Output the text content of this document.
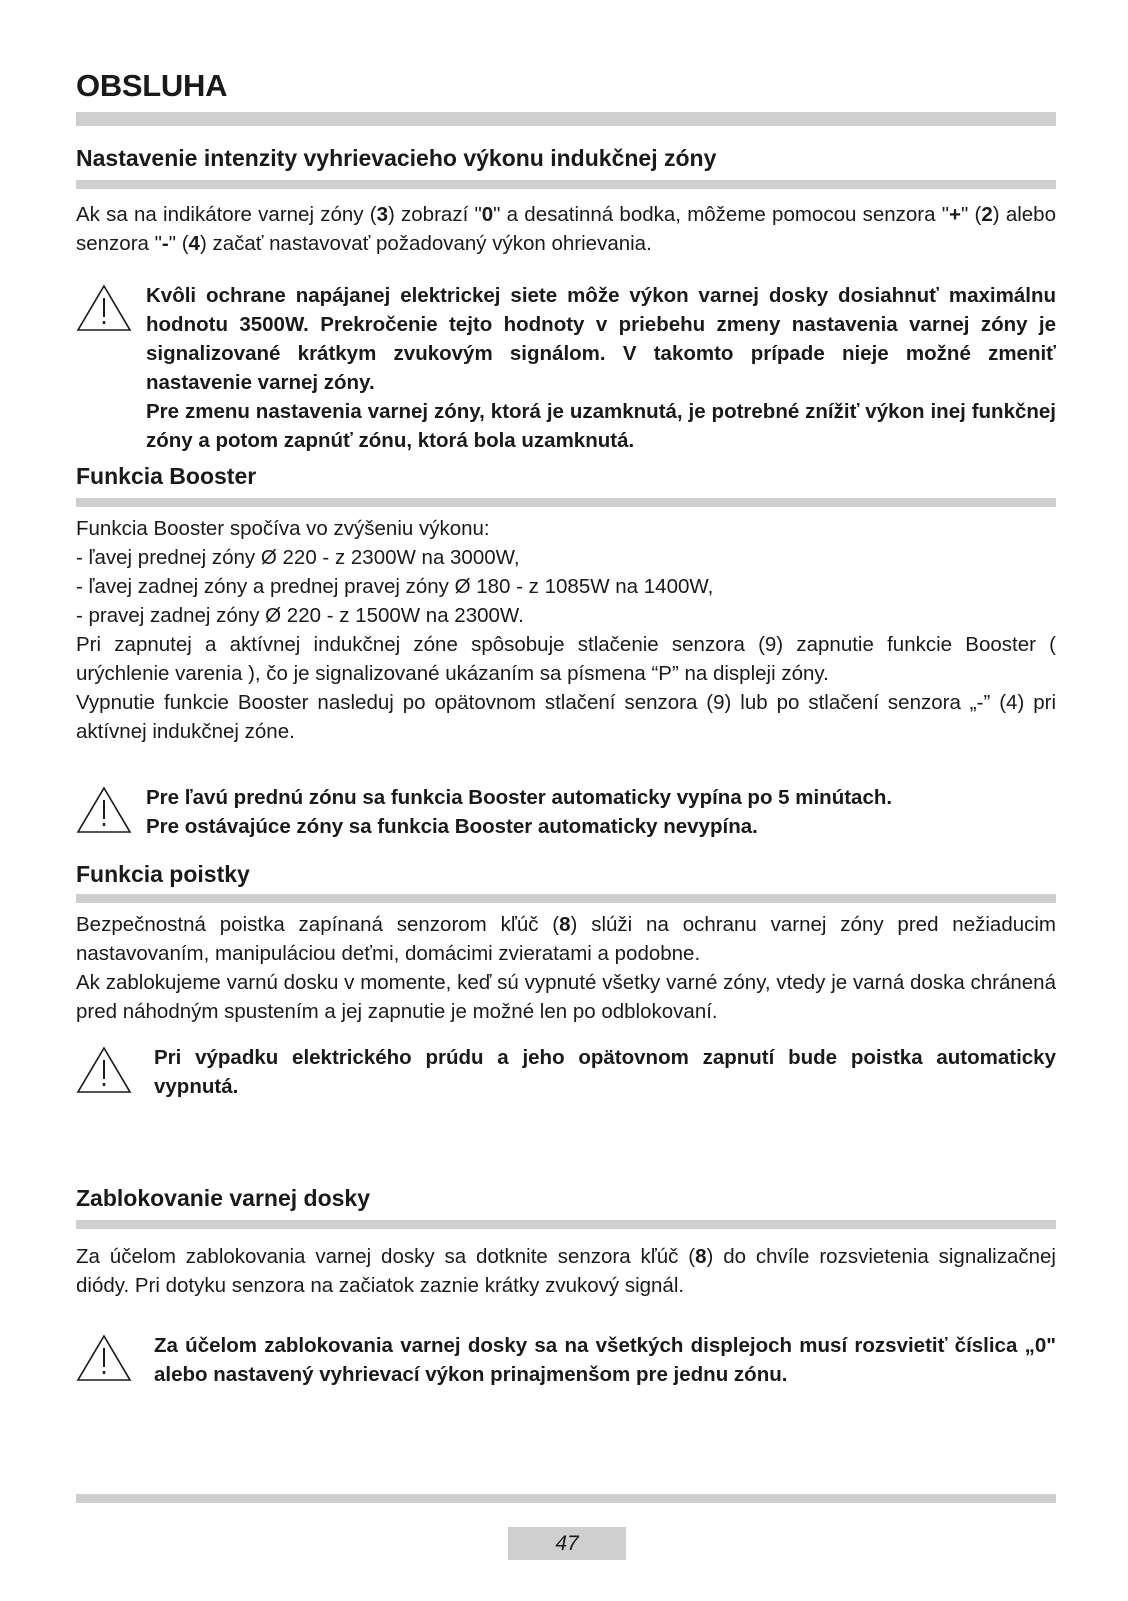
OBSLUHA
Nastavenie intenzity vyhrievacieho výkonu indukčnej zóny

Ak sa na indikátore varnej zóny (3) zobrazí "0" a desatinná bodka, môžeme pomocou senzora "+" (2) alebo senzora "-" (4) začať nastavovať požadovaný výkon ohrievania.

Kvôli ochrane napájanej elektrickej siete môže výkon varnej dosky dosiahnuť maximálnu hodnotu 3500W. Prekročenie tejto hodnoty v priebehu zmeny nastavenia varnej zóny je signalizované krátkym zvukovým signálom. V takomto prípade nieje možné zmeniť nastavenie varnej zóny.

Pre zmenu nastavenia varnej zóny, ktorá je uzamknutá, je potrebné znížiť výkon inej funkčnej zóny a potom zapnúť zónu, ktorá bola uzamknutá.

Funkcia Booster

Funkcia Booster spočíva vo zvýšeniu výkonu:

- ľavej prednej zóny Ø 220 - z 2300W na 3000W,

- ľavej zadnej zóny a prednej pravej zóny Ø 180 - z 1085W na 1400W,

- pravej zadnej zóny Ø 220 - z 1500W na 2300W.

Pri zapnutej a aktívnej indukčnej zóne spôsobuje stlačenie senzora (9) zapnutie funkcie Booster ( urýchlenie varenia ), čo je signalizované ukázaním sa písmena “P” na displeji zóny.

Vypnutie funkcie Booster nasleduj po opätovnom stlačení senzora (9) lub po stlačení senzora „-” (4) pri aktívnej indukčnej zóne.

Pre ľavú prednú zónu sa funkcia Booster automaticky vypína po 5 minútach.

Pre ostávajúce zóny sa funkcia Booster automaticky nevypína.

Funkcia poistky

Bezpečnostná poistka zapínaná senzorom kľúč (8) slúži na ochranu varnej zóny pred nežiaducim nastavovaním, manipuláciou deťmi, domácimi zvieratami a podobne.

Ak zablokujeme varnú dosku v momente, keď sú vypnuté všetky varné zóny, vtedy je varná doska chránená pred náhodným spustením a jej zapnutie je možné len po odblokovaní.

Pri výpadku elektrického prúdu a jeho opätovnom zapnutí bude poistka automaticky vypnutá.

Zablokovanie varnej dosky

Za účelom zablokovania varnej dosky sa dotknite senzora kľúč (8) do chvíle rozsvietenia signalizačnej diódy. Pri dotyku senzora na začiatok zaznie krátky zvukový signál.

Za účelom zablokovania varnej dosky sa na všetkých displejoch musí rozsvietiť číslica „0" alebo nastavený vyhrievací výkon prinajmenšom pre jednu zónu.

47
